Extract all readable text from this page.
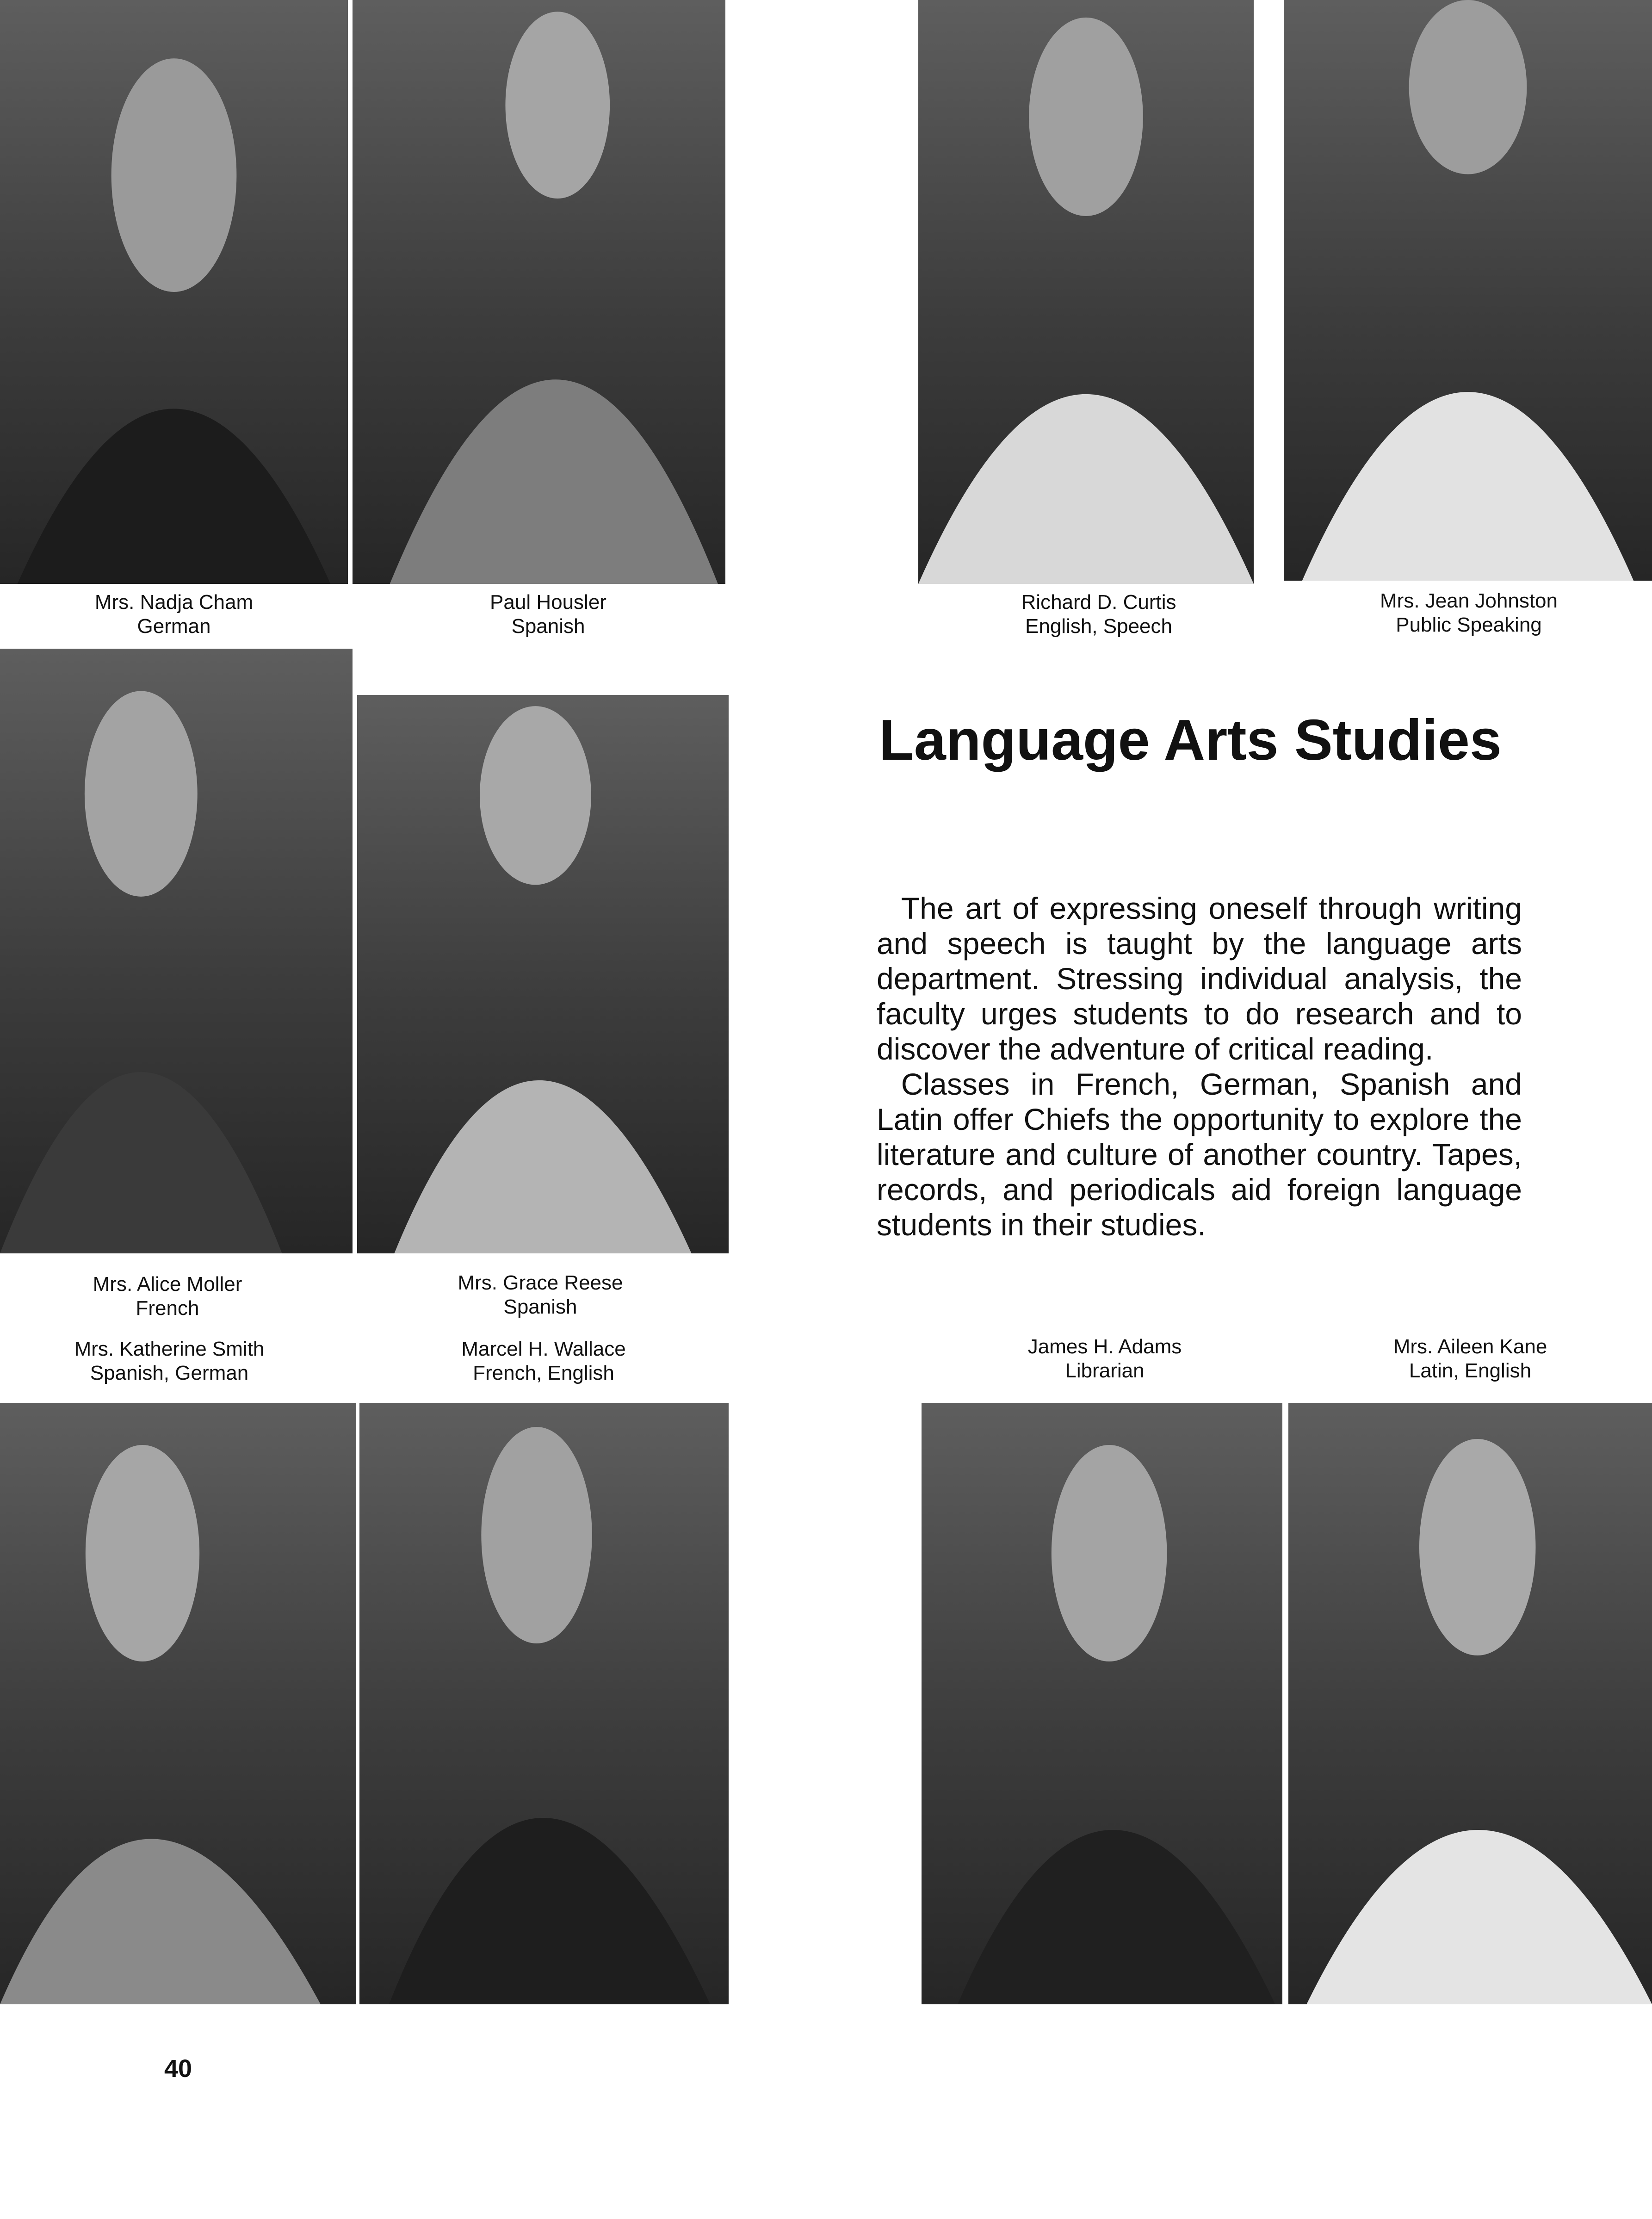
Mrs. Nadja Cham
German
Paul Housler
Spanish
Richard D. Curtis
English, Speech
Mrs. Jean Johnston
Public Speaking
Mrs. Alice Moller
French
Mrs. Grace Reese
Spanish
Mrs. Katherine Smith
Spanish, German
Marcel H. Wallace
French, English
James H. Adams
Librarian
Mrs. Aileen Kane
Latin, English
Language Arts Studies

The art of expressing oneself through writing and speech is taught by the language arts department. Stressing individual analysis, the faculty urges students to do research and to discover the adventure of critical reading.

Classes in French, German, Spanish and Latin offer Chiefs the opportunity to explore the literature and culture of another country. Tapes, records, and periodicals aid foreign language students in their studies.

40
